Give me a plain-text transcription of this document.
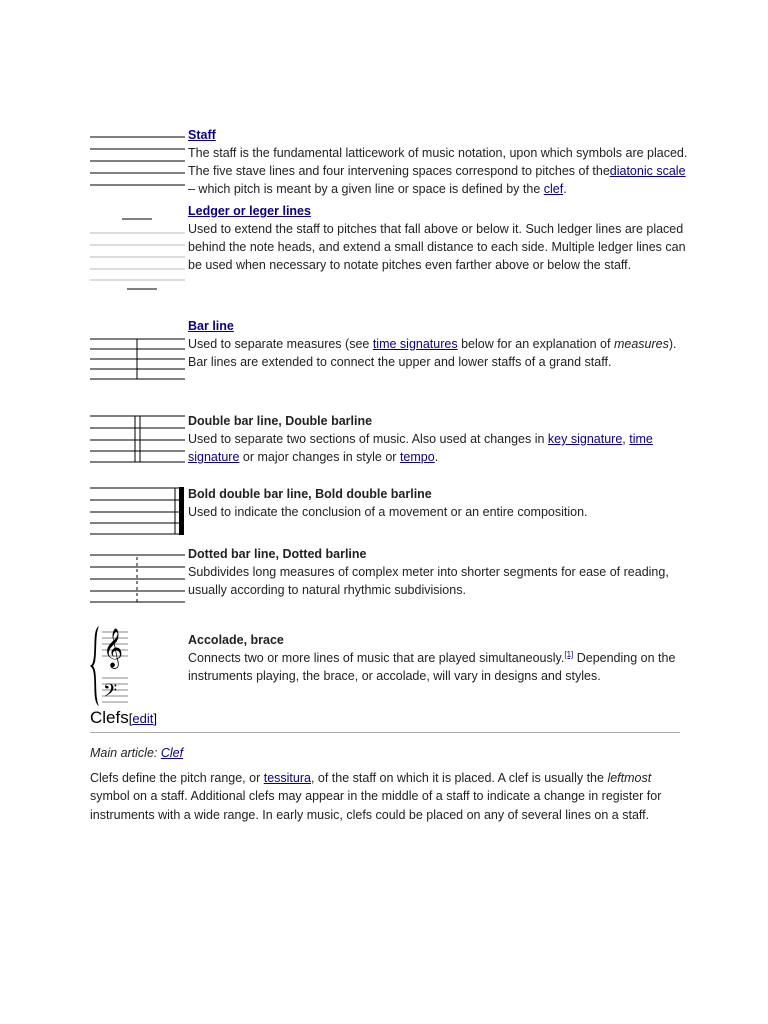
Staff
The staff is the fundamental latticework of music notation, upon which symbols are placed. The five stave lines and four intervening spaces correspond to pitches of thediatonic scale – which pitch is meant by a given line or space is defined by the clef.
Ledger or leger lines
Used to extend the staff to pitches that fall above or below it. Such ledger lines are placed behind the note heads, and extend a small distance to each side. Multiple ledger lines can be used when necessary to notate pitches even farther above or below the staff.
Bar line
Used to separate measures (see time signatures below for an explanation of measures). Bar lines are extended to connect the upper and lower staffs of a grand staff.
Double bar line, Double barline
Used to separate two sections of music. Also used at changes in key signature, time signature or major changes in style or tempo.
Bold double bar line, Bold double barline
Used to indicate the conclusion of a movement or an entire composition.
Dotted bar line, Dotted barline
Subdivides long measures of complex meter into shorter segments for ease of reading, usually according to natural rhythmic subdivisions.
𝄞
𝄢
Accolade, brace
Connects two or more lines of music that are played simultaneously.[1] Depending on the instruments playing, the brace, or accolade, will vary in designs and styles.
Clefs[edit]
Main article: Clef
Clefs define the pitch range, or tessitura, of the staff on which it is placed. A clef is usually the leftmost symbol on a staff. Additional clefs may appear in the middle of a staff to indicate a change in register for instruments with a wide range. In early music, clefs could be placed on any of several lines on a staff.
